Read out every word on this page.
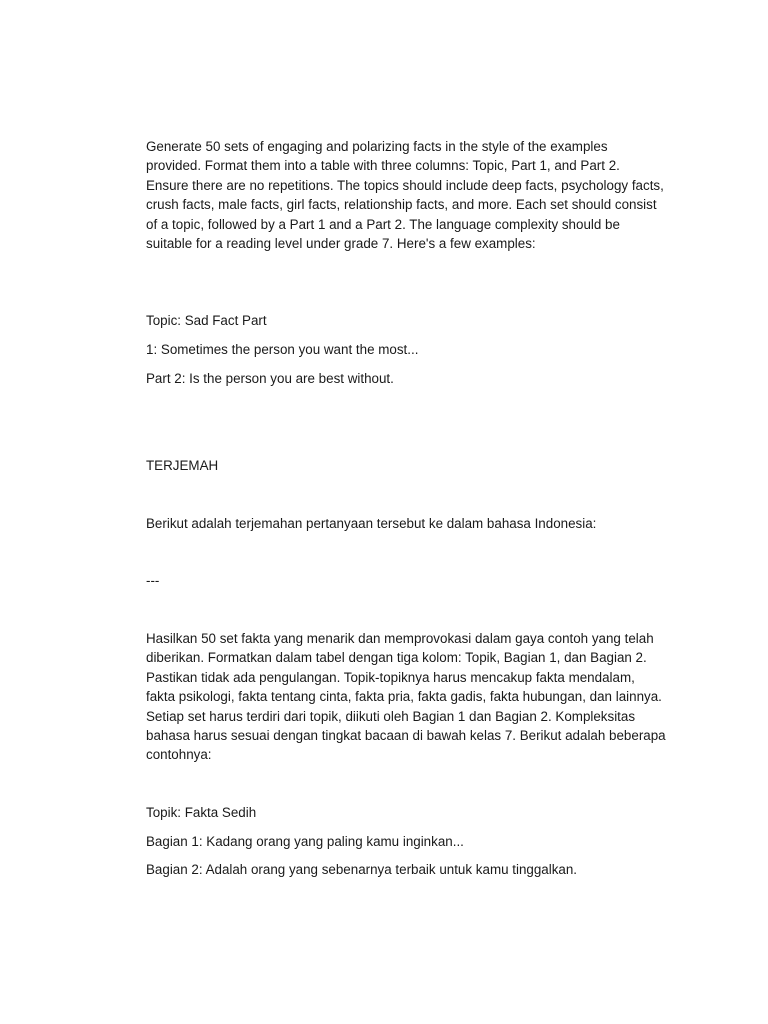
Generate 50 sets of engaging and polarizing facts in the style of the examples provided. Format them into a table with three columns: Topic, Part 1, and Part 2. Ensure there are no repetitions. The topics should include deep facts, psychology facts, crush facts, male facts, girl facts, relationship facts, and more. Each set should consist of a topic, followed by a Part 1 and a Part 2. The language complexity should be suitable for a reading level under grade 7. Here's a few examples:
Topic: Sad Fact Part
1: Sometimes the person you want the most...
Part 2: Is the person you are best without.
TERJEMAH
Berikut adalah terjemahan pertanyaan tersebut ke dalam bahasa Indonesia:
---
Hasilkan 50 set fakta yang menarik dan memprovokasi dalam gaya contoh yang telah diberikan. Formatkan dalam tabel dengan tiga kolom: Topik, Bagian 1, dan Bagian 2. Pastikan tidak ada pengulangan. Topik-topiknya harus mencakup fakta mendalam, fakta psikologi, fakta tentang cinta, fakta pria, fakta gadis, fakta hubungan, dan lainnya. Setiap set harus terdiri dari topik, diikuti oleh Bagian 1 dan Bagian 2. Kompleksitas bahasa harus sesuai dengan tingkat bacaan di bawah kelas 7. Berikut adalah beberapa contohnya:
Topik: Fakta Sedih
Bagian 1: Kadang orang yang paling kamu inginkan...
Bagian 2: Adalah orang yang sebenarnya terbaik untuk kamu tinggalkan.
